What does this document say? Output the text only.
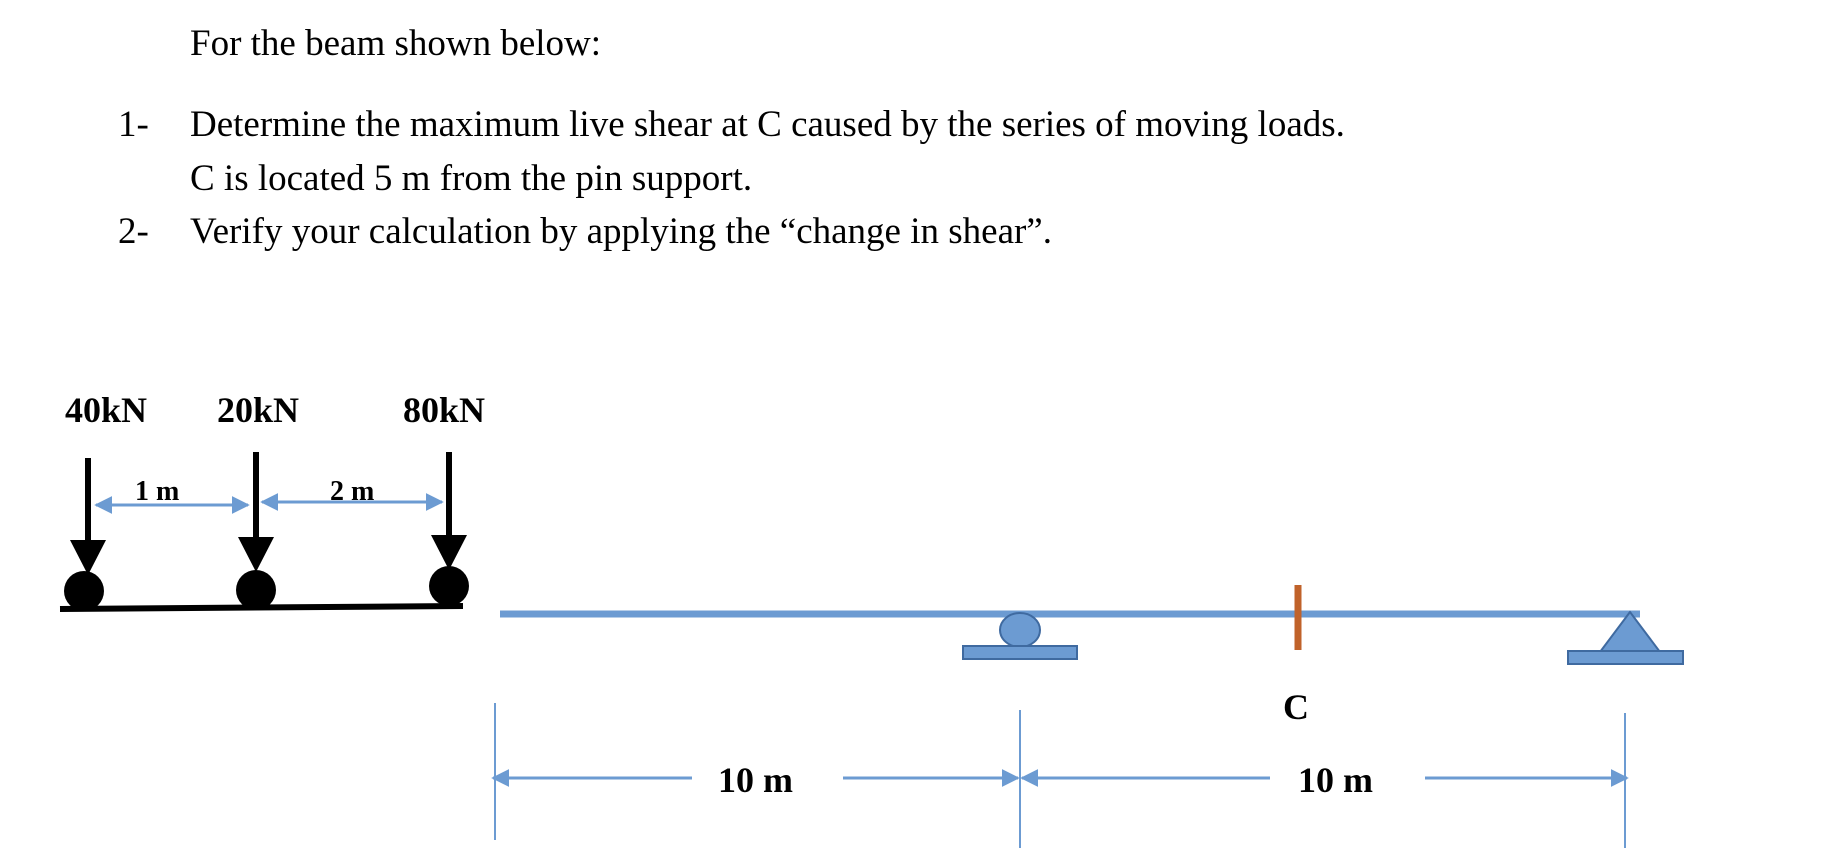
For the beam shown below:
1-	Determine the maximum live shear at C caused by the series of moving loads.
C is located 5 m from the pin support.
2-	Verify your calculation by applying the “change in shear”.
40kN 20kN	80kN
1 m	2 m
C
10 m	10 m
